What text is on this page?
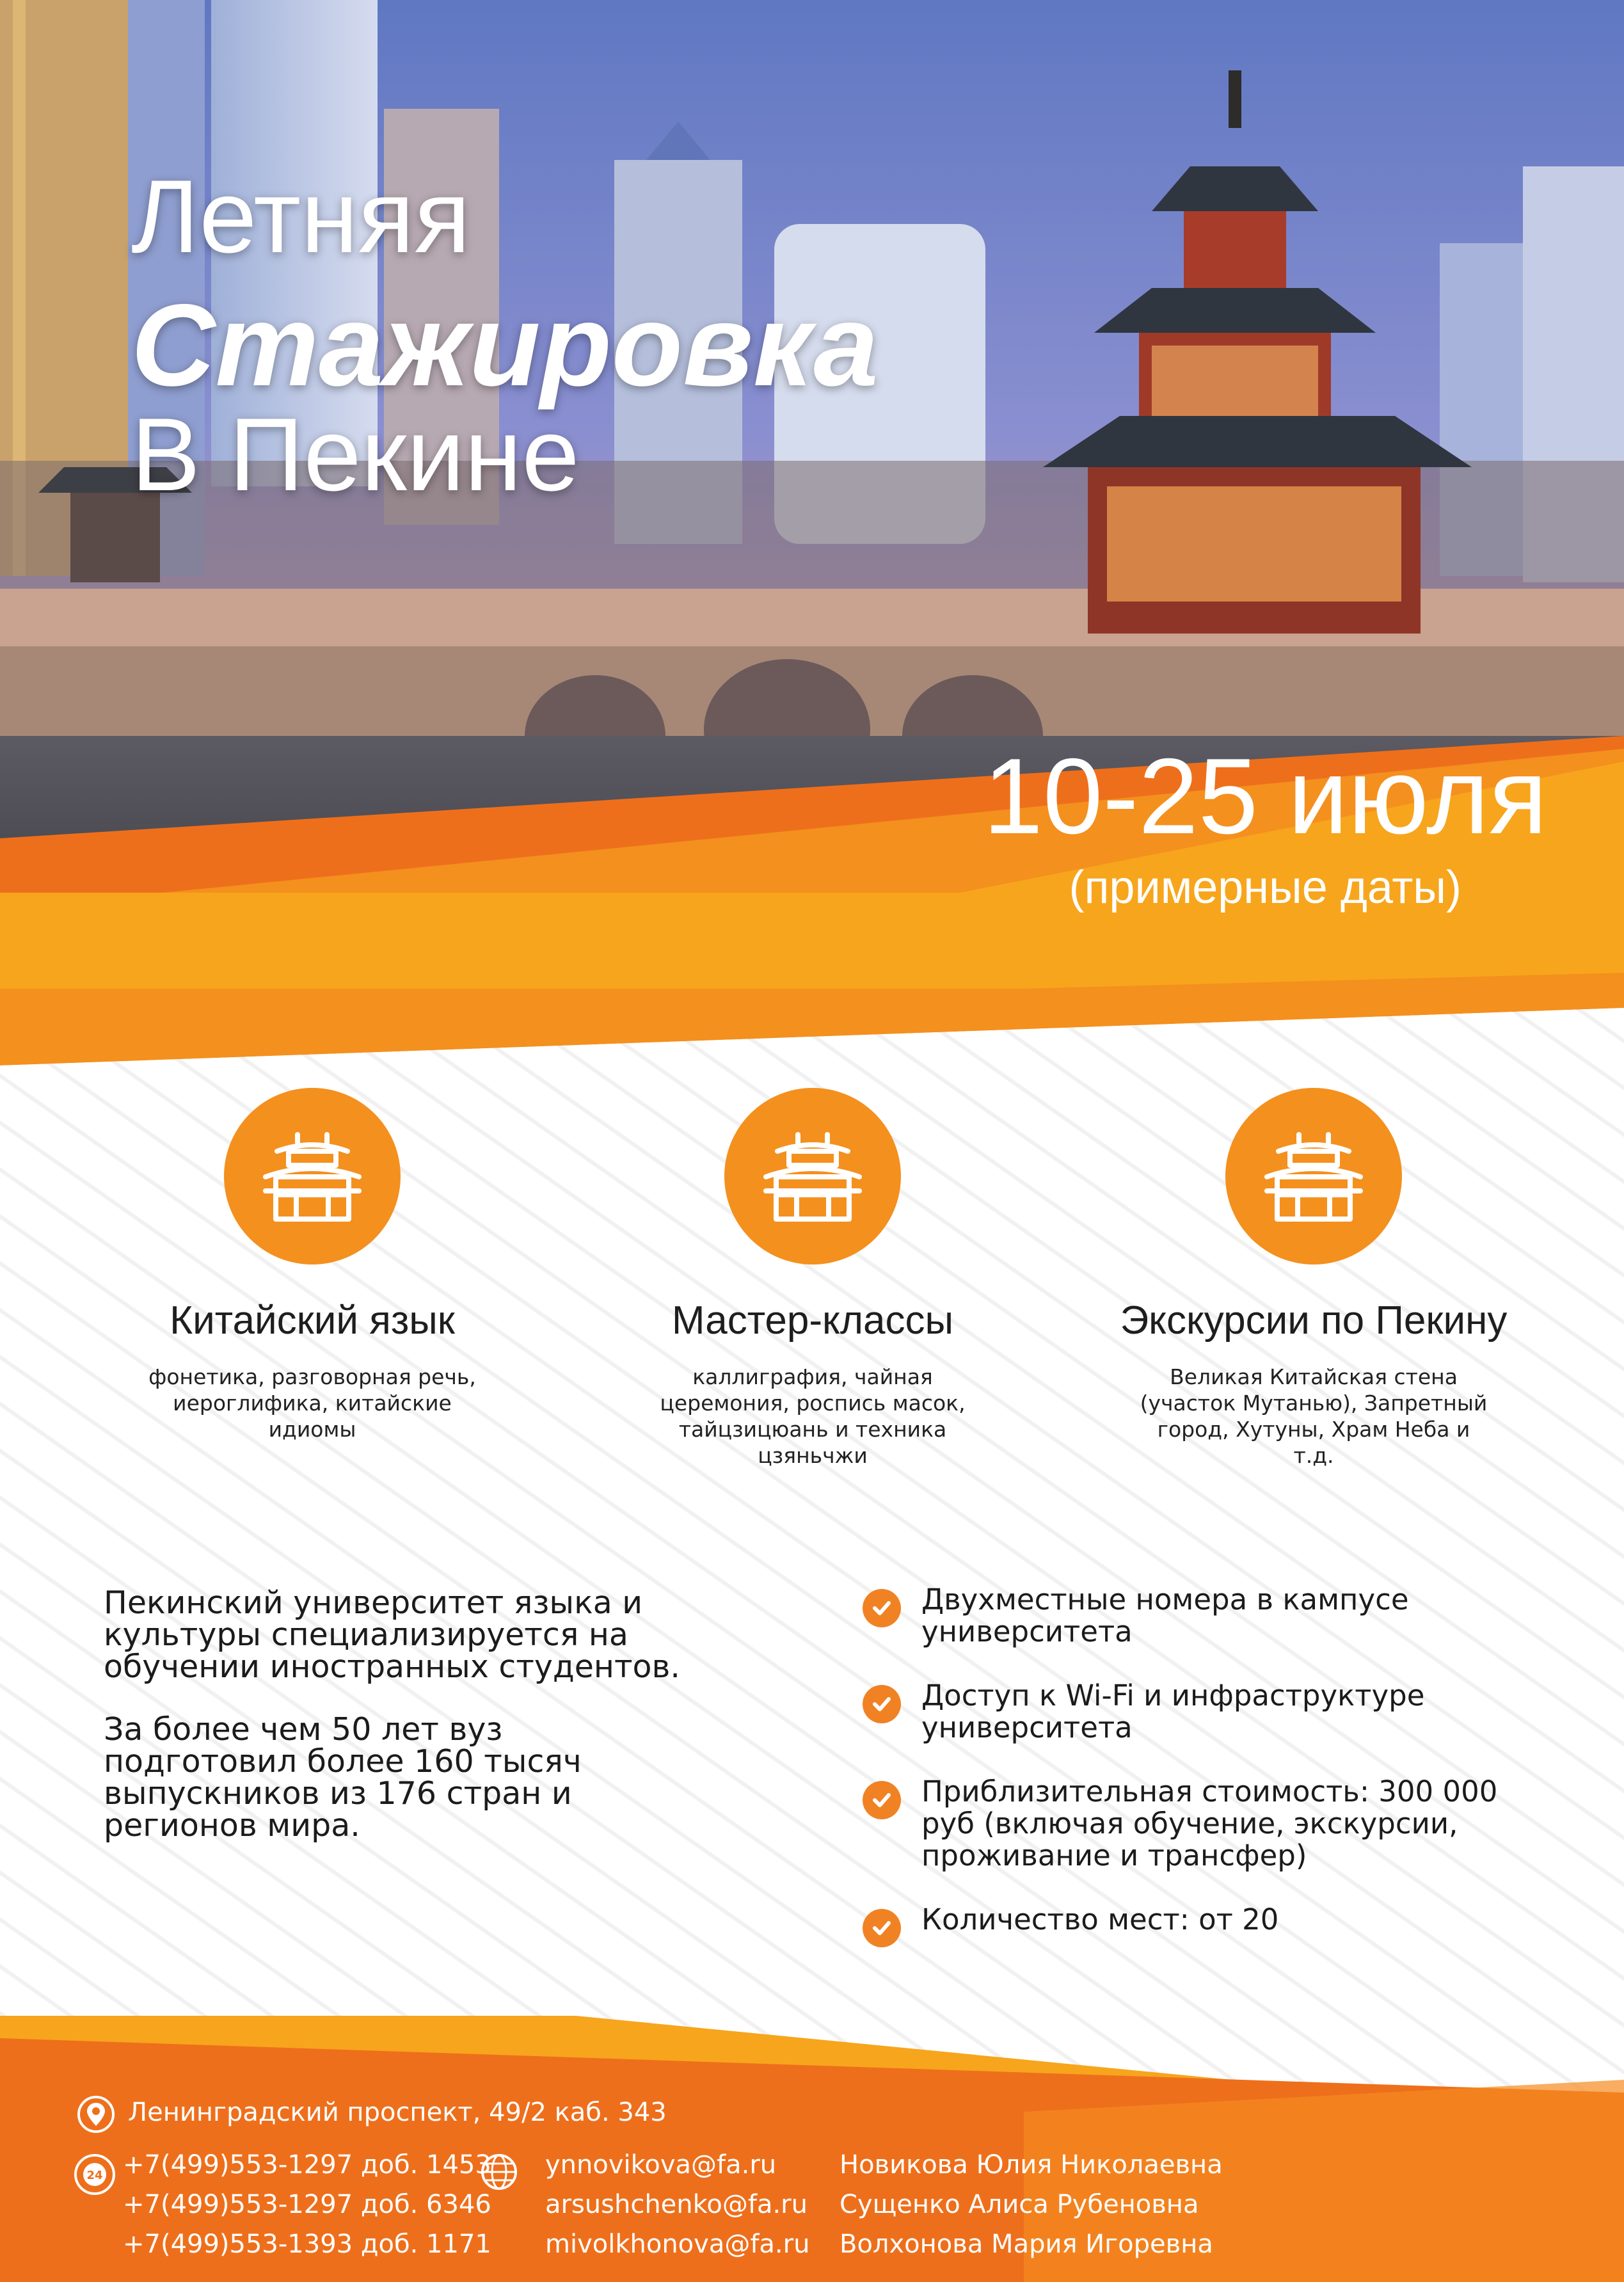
Летняя
Стажировка
В Пекине
10-25 июля
(примерные даты)
Китайский язык

фонетика, разговорная речь, иероглифика, китайские идиомы

Мастер-классы

каллиграфия, чайная церемония, роспись масок, тайцзицюань и техника цзяньчжи

Экскурсии по Пекину

Великая Китайская стена (участок Мутанью), Запретный город, Хутуны, Храм Неба и т.д.

Пекинский университет языка и культуры специализируется на обучении иностранных студентов.

За более чем 50 лет вуз подготовил более 160 тысяч выпускников из 176 стран и регионов мира.

Двухместные номера в кампусе университета
Доступ к Wi-Fi и инфраструктуре университета
Приблизительная стоимость: 300 000 руб (включая обучение, экскурсии, проживание и трансфер)
Количество мест: от 20
Ленинградский проспект, 49/2 каб. 343
24 +7(499)553-1297 доб. 1453
+7(499)553-1297 доб. 6346
+7(499)553-1393 доб. 1171
ynnovikova@fa.ru
arsushchenko@fa.ru
mivolkhonova@fa.ru
Новикова Юлия Николаевна
Сущенко Алиса Рубеновна
Волхонова Мария Игоревна
